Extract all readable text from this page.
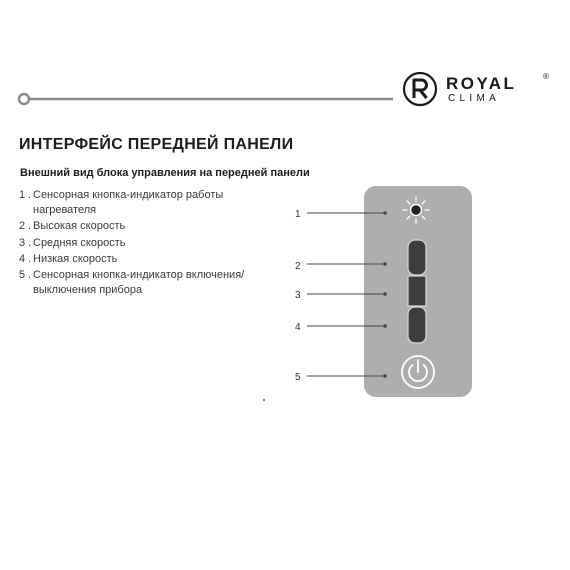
ROYAL	®
CLIMA
ИНТЕРФЕЙС ПЕРЕДНЕЙ ПАНЕЛИ
Внешний вид блока управления на передней панели
1 . Сенсорная кнопка-индикатор работы нагревателя
2 . Высокая скорость
3 . Средняя скорость
4 . Низкая скорость
5 . Сенсорная кнопка-индикатор включения/ выключения прибора
1
2
3
4
5
